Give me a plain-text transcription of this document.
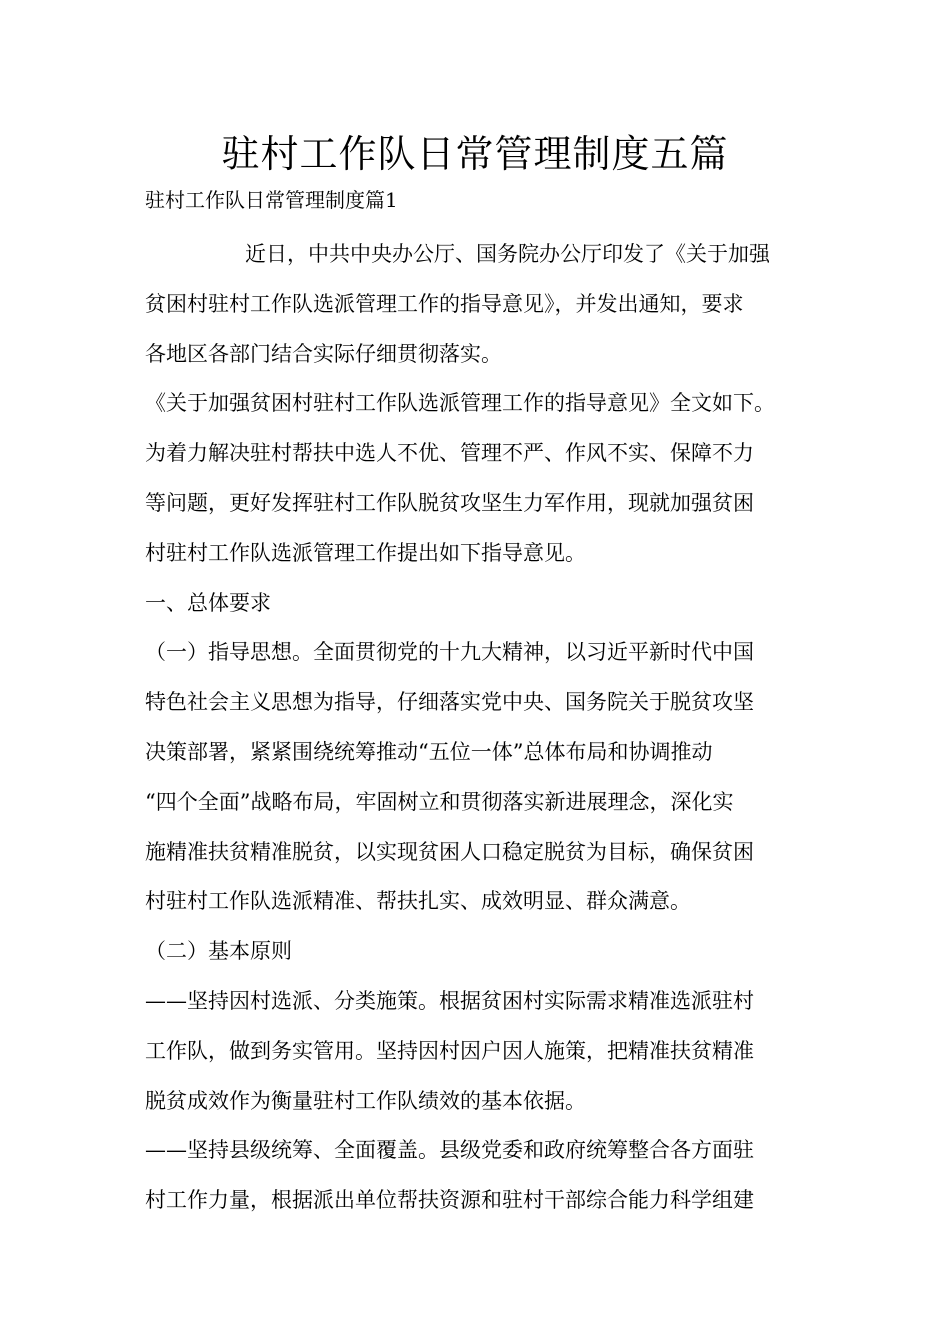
驻村工作队日常管理制度五篇

驻村工作队日常管理制度篇1

近日，中共中央办公厅、国务院办公厅印发了《关于加强
贫困村驻村工作队选派管理工作的指导意见》，并发出通知，要求
各地区各部门结合实际仔细贯彻落实。

《关于加强贫困村驻村工作队选派管理工作的指导意见》全文如下。

为着力解决驻村帮扶中选人不优、管理不严、作风不实、保障不力
等问题，更好发挥驻村工作队脱贫攻坚生力军作用，现就加强贫困
村驻村工作队选派管理工作提出如下指导意见。

一、总体要求

（一）指导思想。全面贯彻党的十九大精神，以习近平新时代中国
特色社会主义思想为指导，仔细落实党中央、国务院关于脱贫攻坚
决策部署，紧紧围绕统筹推动“五位一体”总体布局和协调推动
“四个全面”战略布局，牢固树立和贯彻落实新进展理念，深化实
施精准扶贫精准脱贫，以实现贫困人口稳定脱贫为目标，确保贫困
村驻村工作队选派精准、帮扶扎实、成效明显、群众满意。

（二）基本原则

——坚持因村选派、分类施策。根据贫困村实际需求精准选派驻村
工作队，做到务实管用。坚持因村因户因人施策，把精准扶贫精准
脱贫成效作为衡量驻村工作队绩效的基本依据。

——坚持县级统筹、全面覆盖。县级党委和政府统筹整合各方面驻
村工作力量，根据派出单位帮扶资源和驻村干部综合能力科学组建
